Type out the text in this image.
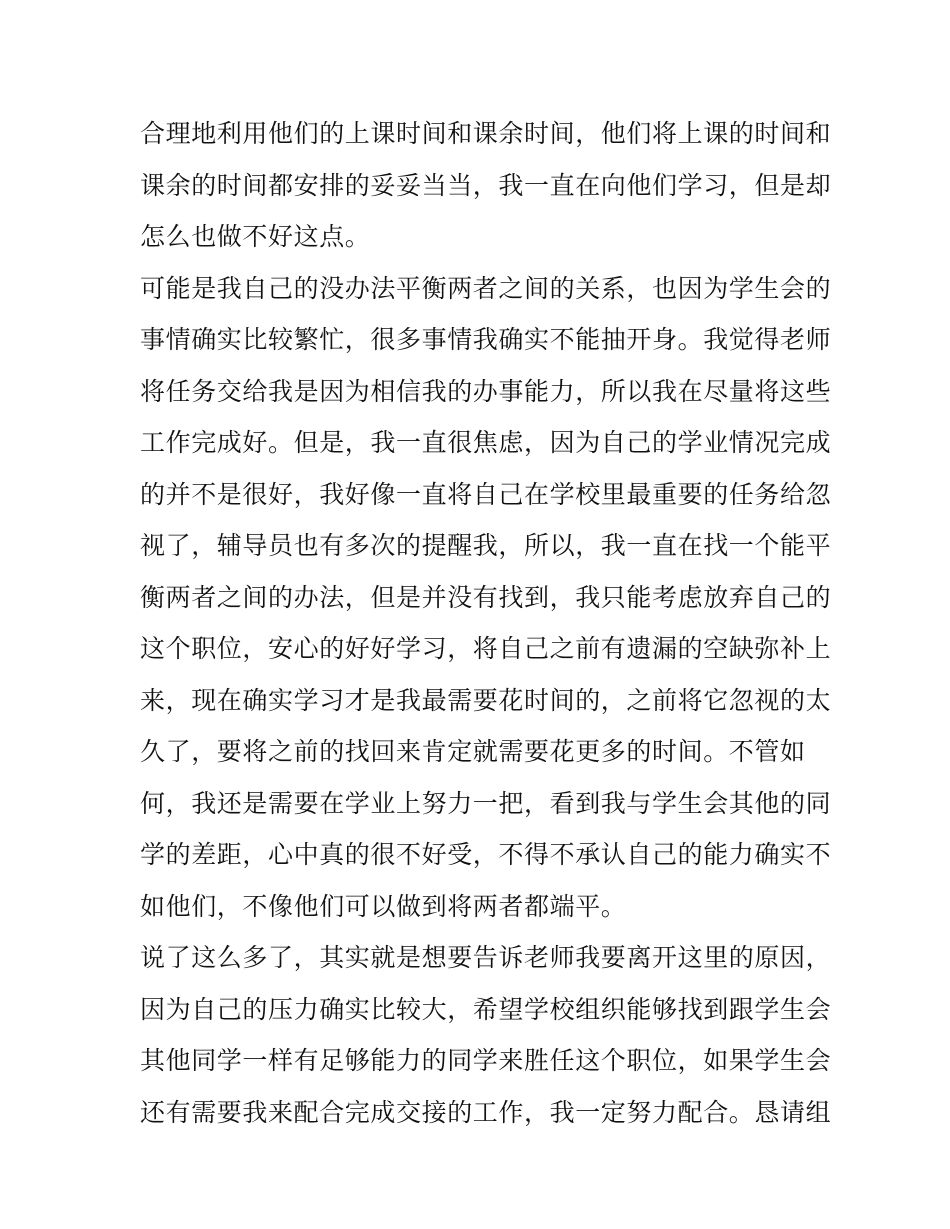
合理地利用他们的上课时间和课余时间，他们将上课的时间和
课余的时间都安排的妥妥当当，我一直在向他们学习，但是却
怎么也做不好这点。
可能是我自己的没办法平衡两者之间的关系，也因为学生会的
事情确实比较繁忙，很多事情我确实不能抽开身。我觉得老师
将任务交给我是因为相信我的办事能力，所以我在尽量将这些
工作完成好。但是，我一直很焦虑，因为自己的学业情况完成
的并不是很好，我好像一直将自己在学校里最重要的任务给忽
视了，辅导员也有多次的提醒我，所以，我一直在找一个能平
衡两者之间的办法，但是并没有找到，我只能考虑放弃自己的
这个职位，安心的好好学习，将自己之前有遗漏的空缺弥补上
来，现在确实学习才是我最需要花时间的，之前将它忽视的太
久了，要将之前的找回来肯定就需要花更多的时间。不管如
何，我还是需要在学业上努力一把，看到我与学生会其他的同
学的差距，心中真的很不好受，不得不承认自己的能力确实不
如他们，不像他们可以做到将两者都端平。
说了这么多了，其实就是想要告诉老师我要离开这里的原因，
因为自己的压力确实比较大，希望学校组织能够找到跟学生会
其他同学一样有足够能力的同学来胜任这个职位，如果学生会
还有需要我来配合完成交接的工作，我一定努力配合。恳请组
